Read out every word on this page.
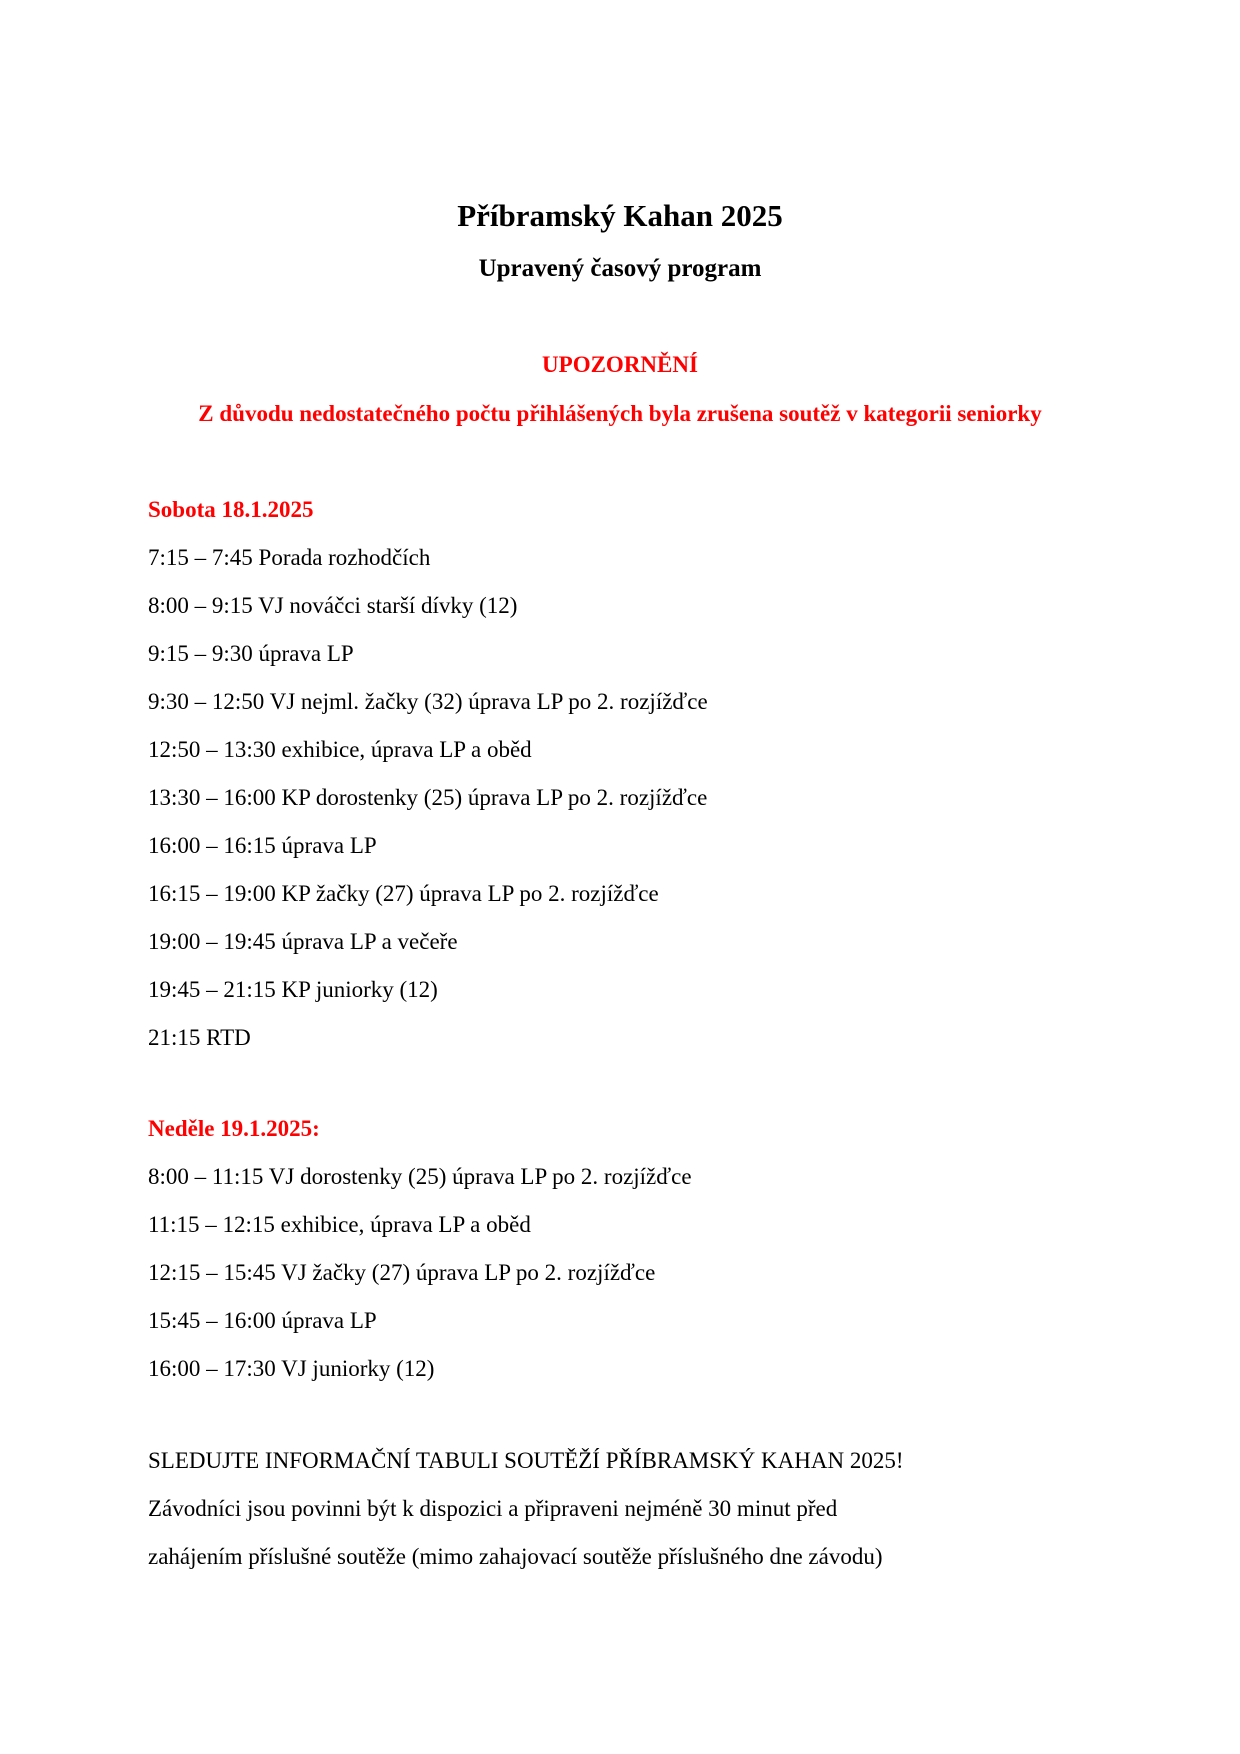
Příbramský Kahan 2025
Upravený časový program

UPOZORNĚNÍ

Z důvodu nedostatečného počtu přihlášených byla zrušena soutěž v kategorii seniorky

Sobota 18.1.2025

7:15 – 7:45 Porada rozhodčích
8:00 – 9:15 VJ nováčci starší dívky (12)
9:15 – 9:30 úprava LP
9:30 – 12:50 VJ nejml. žačky (32) úprava LP po 2. rozjížďce
12:50 – 13:30 exhibice, úprava LP a oběd
13:30 – 16:00 KP dorostenky (25) úprava LP po 2. rozjížďce
16:00 – 16:15 úprava LP
16:15 – 19:00 KP žačky (27) úprava LP po 2. rozjížďce
19:00 – 19:45 úprava LP a večeře
19:45 – 21:15 KP juniorky (12)
21:15 RTD

Neděle 19.1.2025:

8:00 – 11:15 VJ dorostenky (25) úprava LP po 2. rozjížďce
11:15 – 12:15 exhibice, úprava LP a oběd
12:15 – 15:45 VJ žačky (27) úprava LP po 2. rozjížďce
15:45 – 16:00 úprava LP
16:00 – 17:30 VJ juniorky (12)

SLEDUJTE INFORMAČNÍ TABULI SOUTĚŽÍ PŘÍBRAMSKÝ KAHAN 2025!

Závodníci jsou povinni být k dispozici a připraveni nejméně 30 minut před

zahájením příslušné soutěže (mimo zahajovací soutěže příslušného dne závodu)
